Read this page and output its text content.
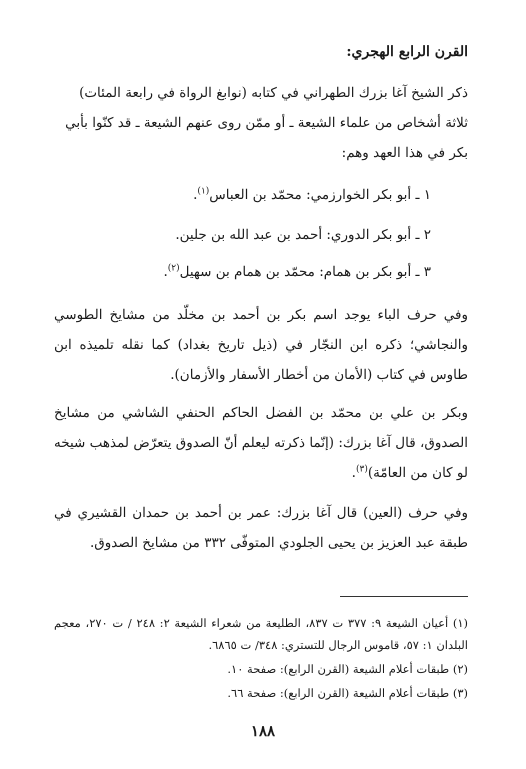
القرن الرابع الهجري:
ذكر الشيخ آغا بزرك الطهراني في كتابه (نوابغ الرواة في رابعة المئات)
ثلاثة أشخاص من علماء الشيعة ـ أو ممّن روى عنهم الشيعة ـ قد كنّوا بأبي
بكر في هذا العهد وهم:
١ ـ أبو بكر الخوارزمي: محمّد بن العباس$^{(١)}$.
٢ ـ أبو بكر الدوري: أحمد بن عبد الله بن جلين.
٣ ـ أبو بكر بن همام: محمّد بن همام بن سهيل$^{(٢)}$.
وفي حرف الباء يوجد اسم بكر بن أحمد بن مخلّد من مشايخ الطوسي والنجاشي؛ ذكره ابن النجّار في (ذيل تاريخ بغداد) كما نقله تلميذه ابن طاوس في كتاب (الأمان من أخطار الأسفار والأزمان).
وبكر بن علي بن محمّد بن الفضل الحاكم الحنفي الشاشي من مشايخ الصدوق، قال آغا بزرك: (إنّما ذكرته ليعلم أنّ الصدوق يتعرّض لمذهب شيخه لو كان من العامّة)$^{(٣)}$.
وفي حرف (العين) قال آغا بزرك: عمر بن أحمد بن حمدان القشيري في طبقة عبد العزيز بن يحيى الجلودي المتوفّى ٣٣٢ من مشايخ الصدوق.
(١) أعيان الشيعة ٩: ٣٧٧ ت ٨٣٧، الطليعة من شعراء الشيعة ٢: ٢٤٨ / ت ٢٧٠، معجم البلدان ١: ٥٧، قاموس الرجال للتستري: ٣٤٨/ ت ٦٨٦٥.
(٢) طبقات أعلام الشيعة (القرن الرابع): صفحة ١٠.
(٣) طبقات أعلام الشيعة (القرن الرابع): صفحة ٦٦.
١٨٨
